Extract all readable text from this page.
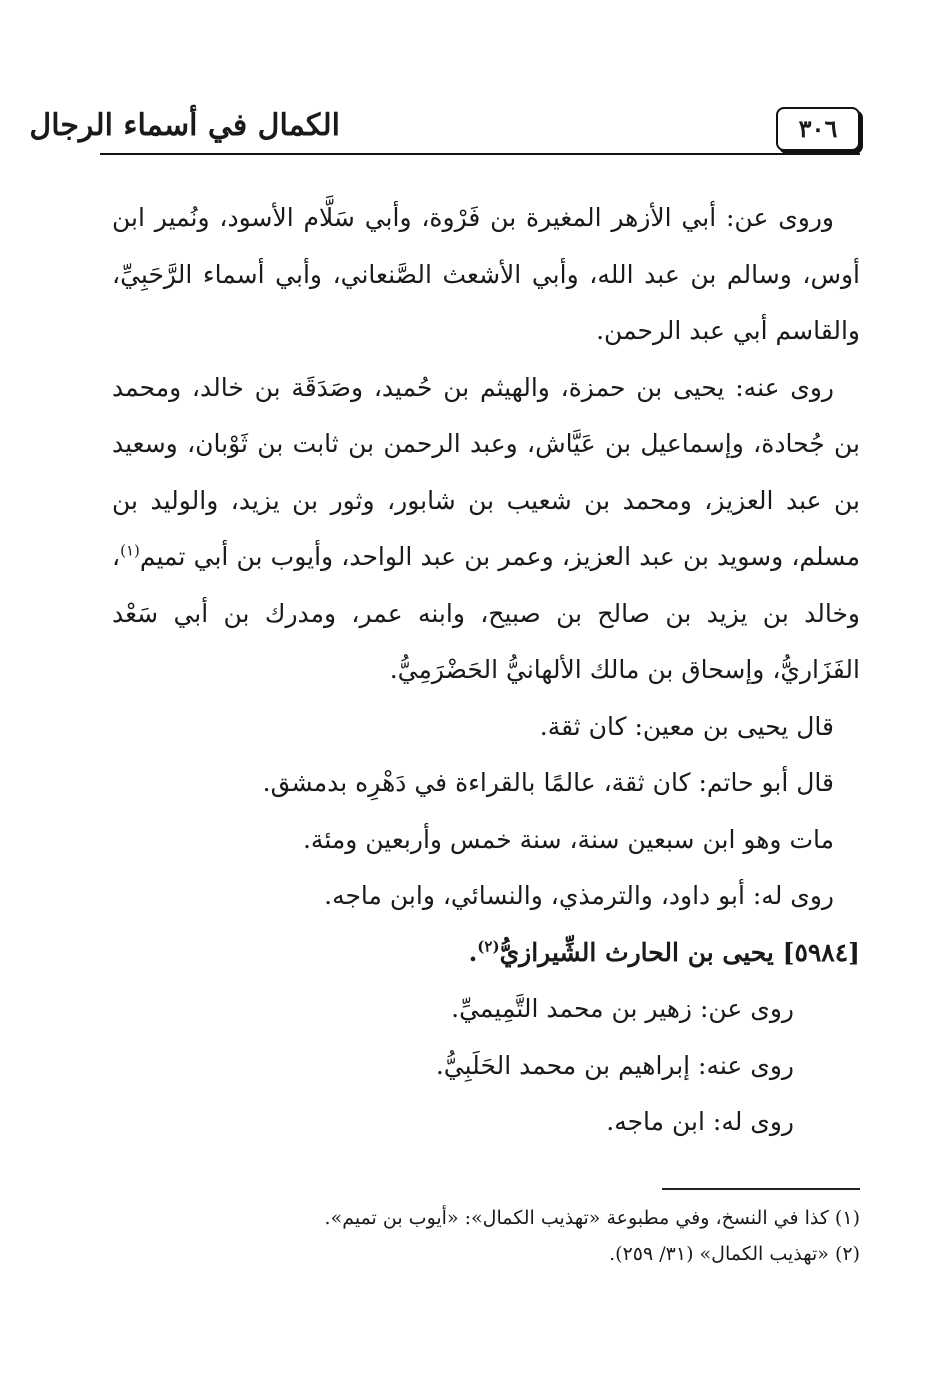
الكمال في أسماء الرجال	٣٠٦

وروى عن: أبي الأزهر المغيرة بن فَرْوة، وأبي سَلَّام الأسود، ونُمير ابن أوس، وسالم بن عبد الله، وأبي الأشعث الصَّنعاني، وأبي أسماء الرَّحَبِيِّ، والقاسم أبي عبد الرحمن.

روى عنه: يحيى بن حمزة، والهيثم بن حُميد، وصَدَقَة بن خالد، ومحمد بن جُحادة، وإسماعيل بن عَيَّاش، وعبد الرحمن بن ثابت بن ثَوْبان، وسعيد بن عبد العزيز، ومحمد بن شعيب بن شابور، وثور بن يزيد، والوليد بن مسلم، وسويد بن عبد العزيز، وعمر بن عبد الواحد، وأيوب بن أبي تميم$^{(١)}$، وخالد بن يزيد بن صالح بن صبيح، وابنه عمر، ومدرك بن أبي سَعْد الفَزَاريُّ، وإسحاق بن مالك الألهانيُّ الحَضْرَمِيُّ.

قال يحيى بن معين: كان ثقة.

قال أبو حاتم: كان ثقة، عالمًا بالقراءة في دَهْرِه بدمشق.

مات وهو ابن سبعين سنة، سنة خمس وأربعين ومئة.

روى له: أبو داود، والترمذي، والنسائي، وابن ماجه.

[٥٩٨٤] يحيى بن الحارث الشِّيرازيُّ$^{(٢)}$.

روى عن: زهير بن محمد التَّمِيميِّ.

روى عنه: إبراهيم بن محمد الحَلَبِيُّ.

روى له: ابن ماجه.

(١) كذا في النسخ، وفي مطبوعة «تهذيب الكمال»: «أيوب بن تميم».

(٢) «تهذيب الكمال» (٣١/ ٢٥٩).
